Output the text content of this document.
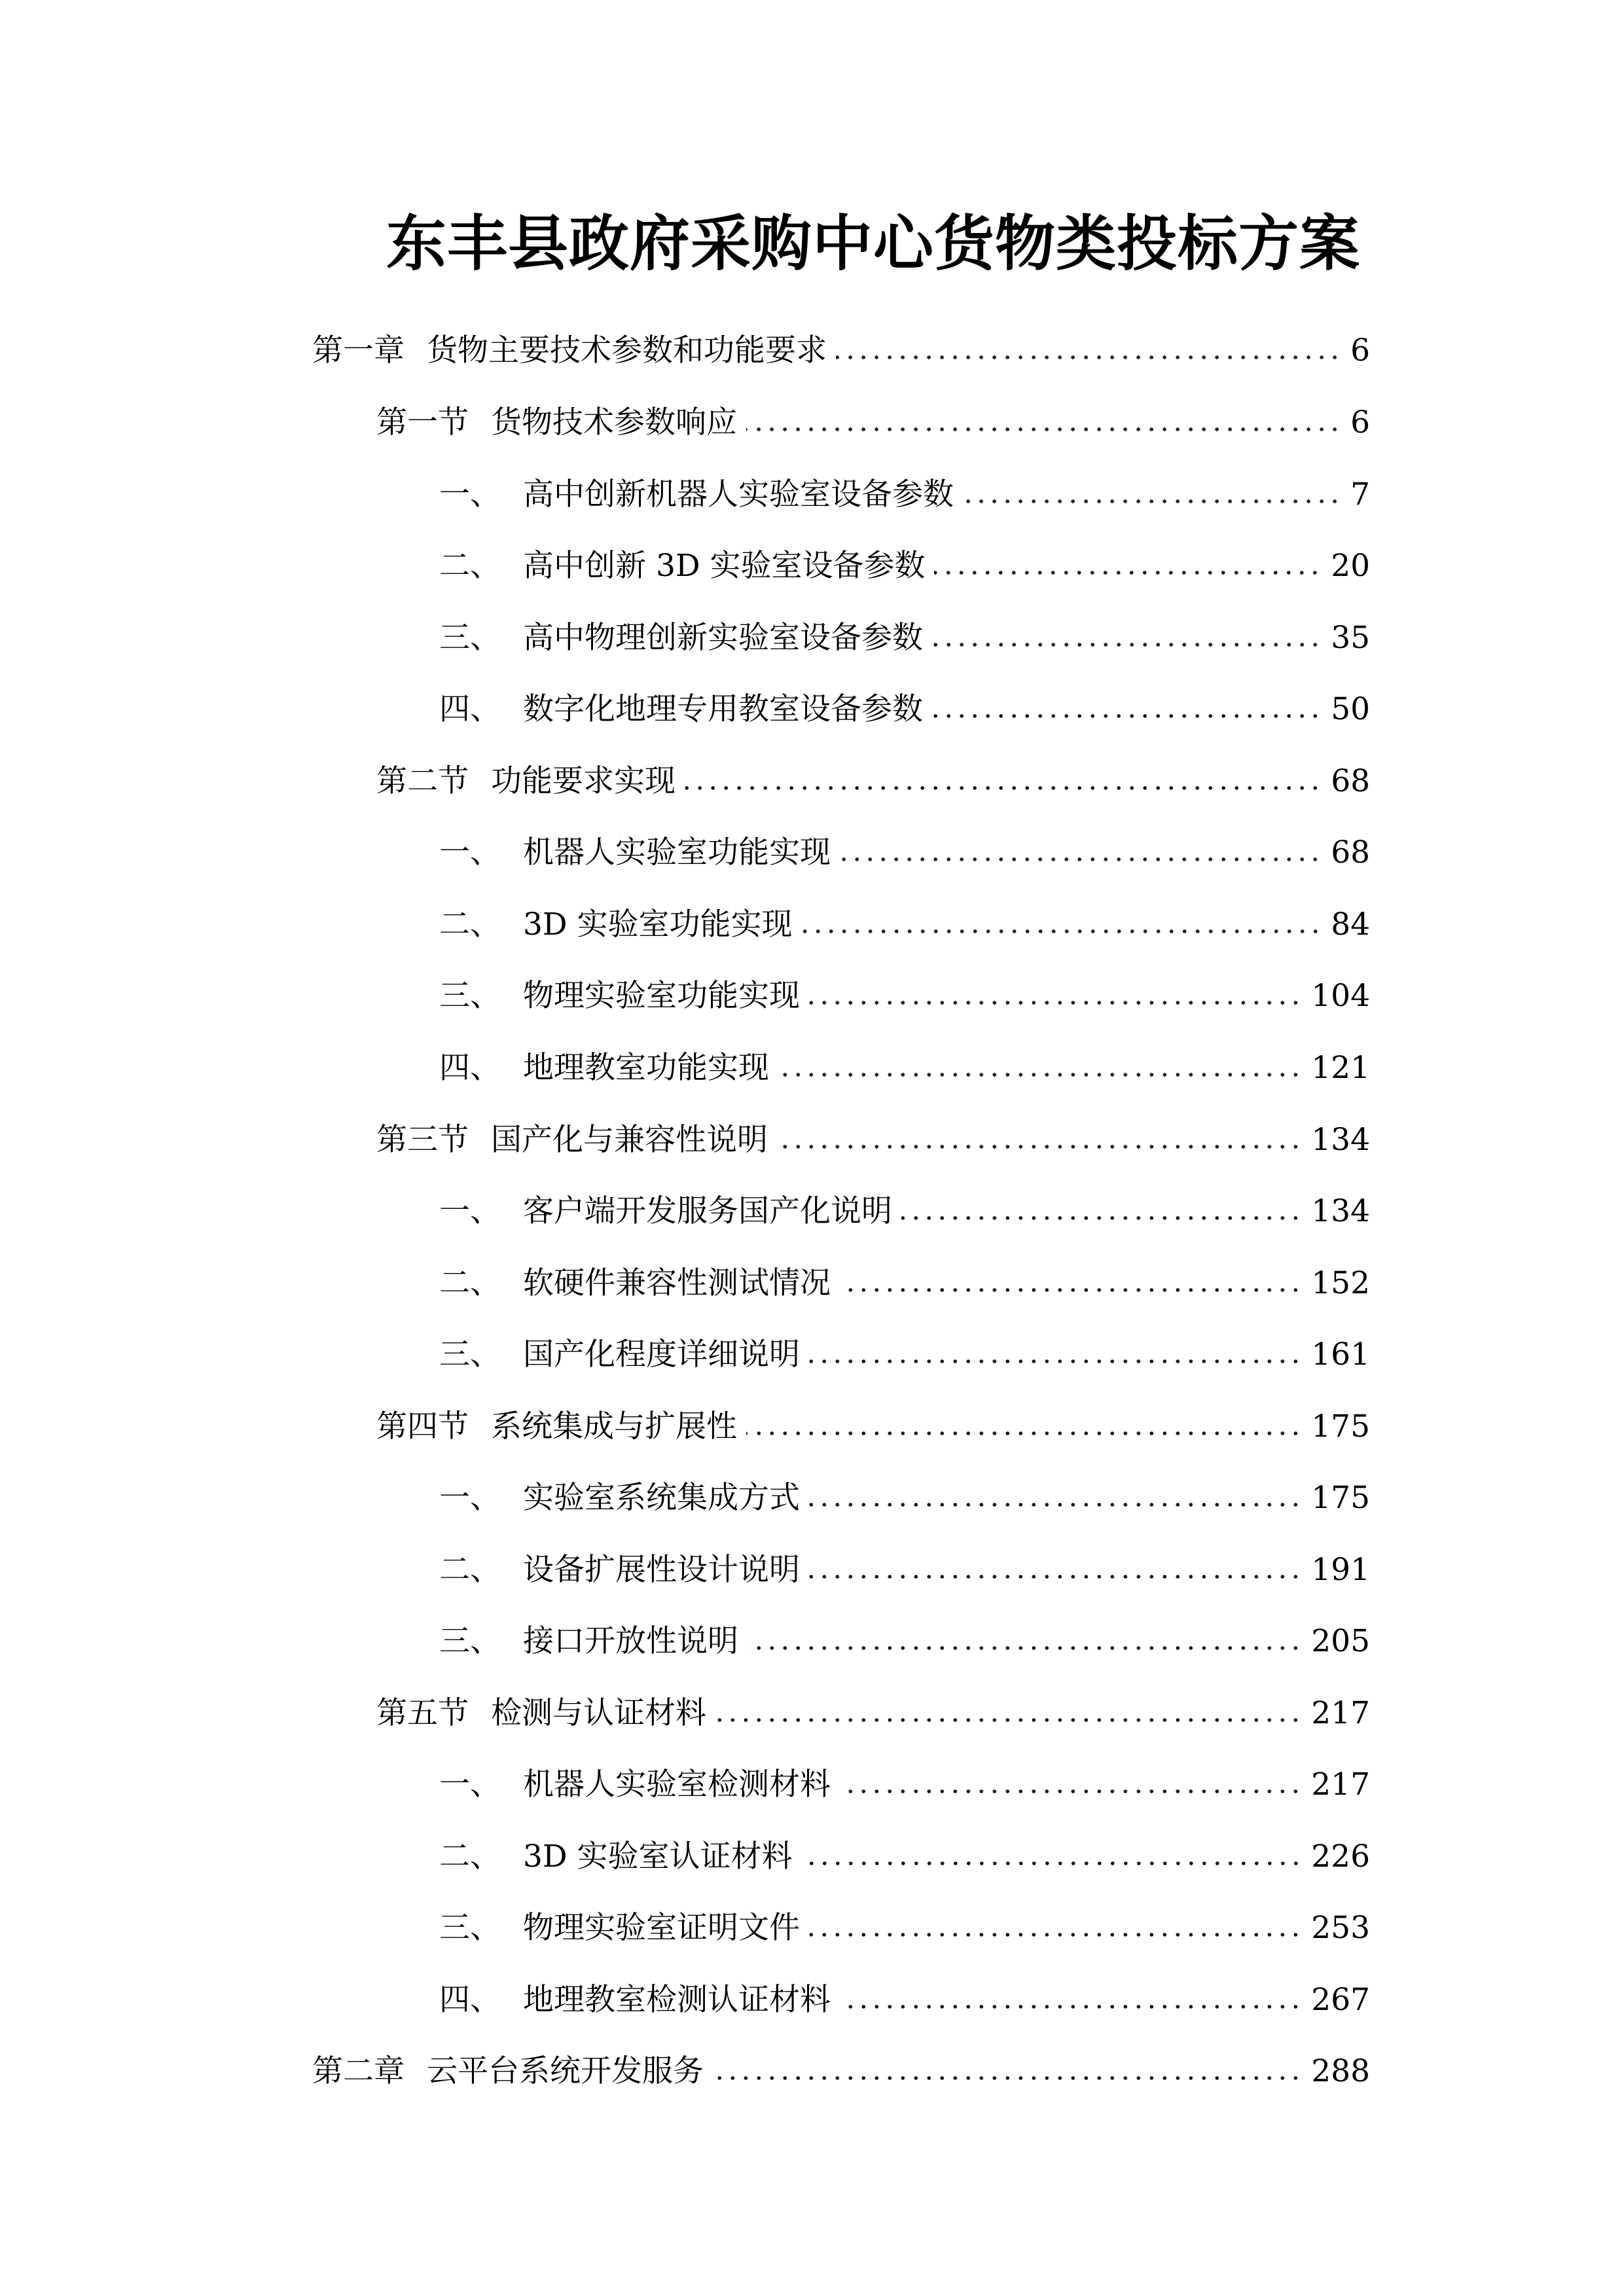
东丰县政府采购中心货物类投标方案
第一章 货物主要技术参数和功能要求	6
第一节 货物技术参数响应	6
一、 高中创新机器人实验室设备参数	7
二、 高中创新 3D 实验室设备参数	20
三、 高中物理创新实验室设备参数	35
四、 数字化地理专用教室设备参数	50
第二节 功能要求实现	68
一、 机器人实验室功能实现	68
二、 3D 实验室功能实现	84
三、 物理实验室功能实现	104
四、 地理教室功能实现	121
第三节 国产化与兼容性说明	134
一、 客户端开发服务国产化说明	134
二、 软硬件兼容性测试情况	152
三、 国产化程度详细说明	161
第四节 系统集成与扩展性	175
一、 实验室系统集成方式	175
二、 设备扩展性设计说明	191
三、 接口开放性说明	205
第五节 检测与认证材料	217
一、 机器人实验室检测材料	217
二、 3D 实验室认证材料	226
三、 物理实验室证明文件	253
四、 地理教室检测认证材料	267
第二章 云平台系统开发服务	288
